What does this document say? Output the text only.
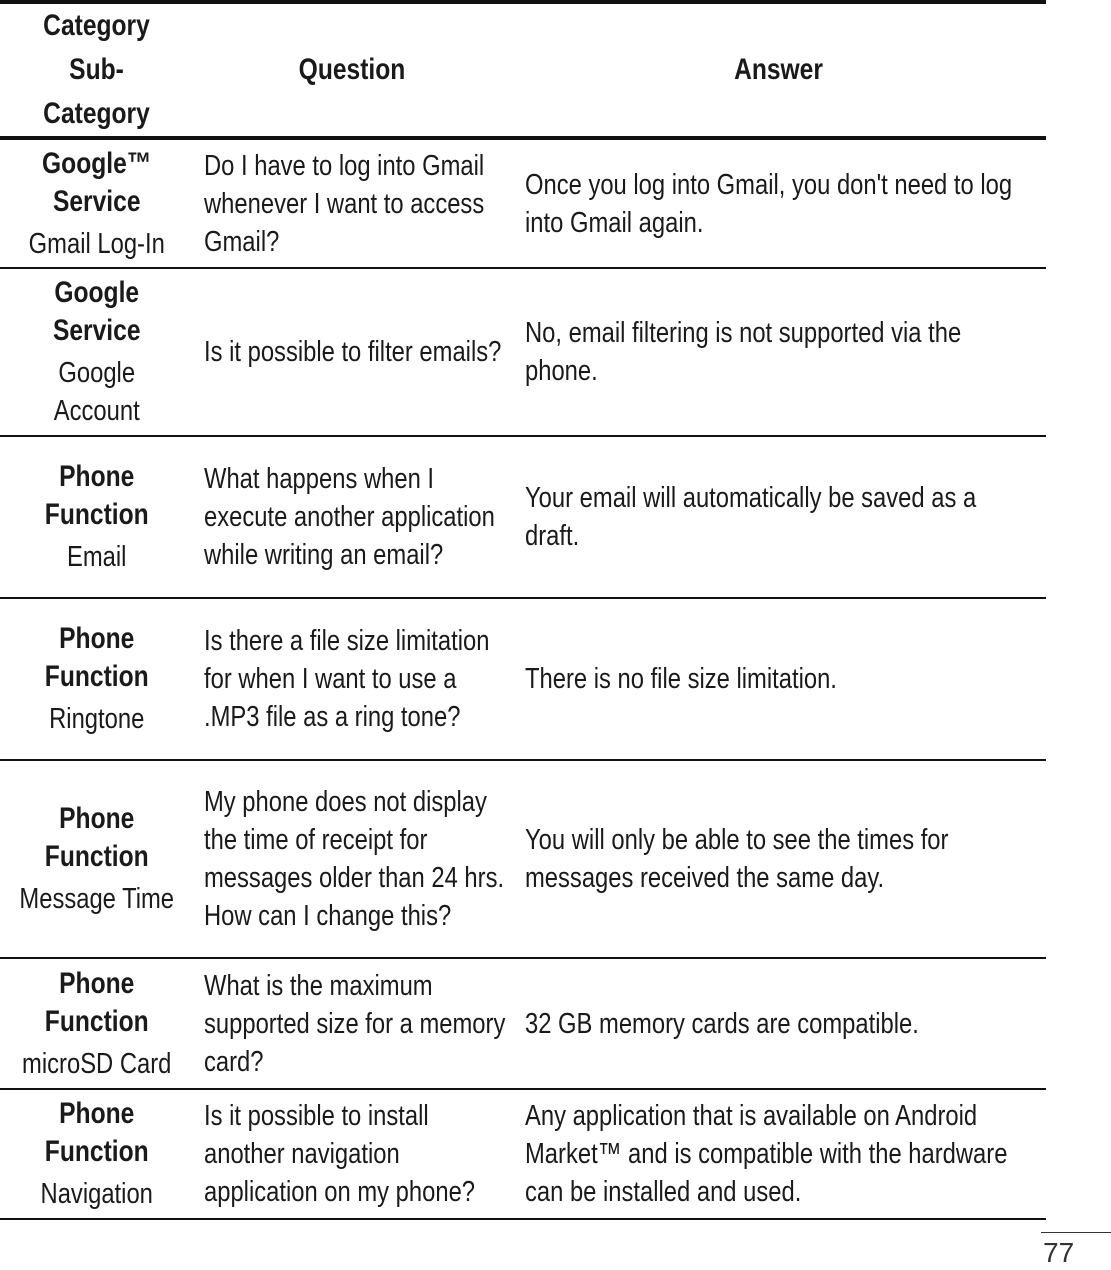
Category
Sub-Category	Question	Answer

Google™
Service
Gmail Log-In	Do I have to log into Gmail whenever I want to access Gmail?	Once you log into Gmail, you don't need to log into Gmail again.

Google
Service
Google
Account	Is it possible to filter emails?	No, email filtering is not supported via the phone.

Phone
Function
Email	What happens when I execute another application while writing an email?	Your email will automatically be saved as a draft.

Phone
Function
Ringtone	Is there a file size limitation for when I want to use a .MP3 file as a ring tone?	There is no file size limitation.

Phone
Function
Message Time	My phone does not display the time of receipt for messages older than 24 hrs. How can I change this?	You will only be able to see the times for messages received the same day.

Phone
Function
microSD Card	What is the maximum supported size for a memory card?	32 GB memory cards are compatible.

Phone
Function
Navigation	Is it possible to install another navigation application on my phone?	Any application that is available on Android Market™ and is compatible with the hardware can be installed and used.
77
